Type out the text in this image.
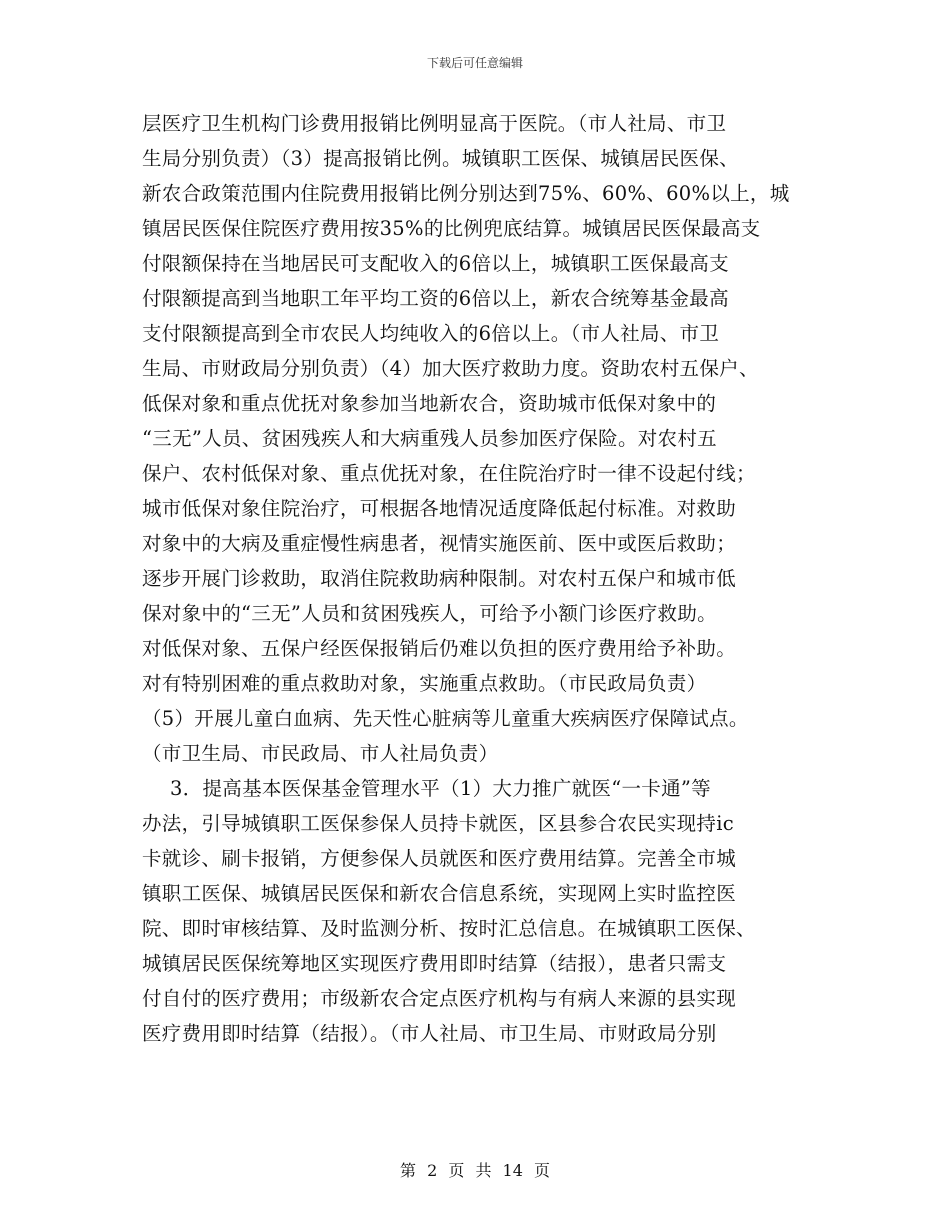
下载后可任意编辑
层医疗卫生机构门诊费用报销比例明显高于医院。（市人社局、市卫
生局分别负责）（3）提高报销比例。城镇职工医保、城镇居民医保、
新农合政策范围内住院费用报销比例分别达到75%、60%、60%以上，城
镇居民医保住院医疗费用按35%的比例兜底结算。城镇居民医保最高支
付限额保持在当地居民可支配收入的6倍以上，城镇职工医保最高支
付限额提高到当地职工年平均工资的6倍以上，新农合统筹基金最高
支付限额提高到全市农民人均纯收入的6倍以上。（市人社局、市卫
生局、市财政局分别负责）（4）加大医疗救助力度。资助农村五保户、
低保对象和重点优抚对象参加当地新农合，资助城市低保对象中的
“三无”人员、贫困残疾人和大病重残人员参加医疗保险。对农村五
保户、农村低保对象、重点优抚对象，在住院治疗时一律不设起付线；
城市低保对象住院治疗，可根据各地情况适度降低起付标准。对救助
对象中的大病及重症慢性病患者，视情实施医前、医中或医后救助；
逐步开展门诊救助，取消住院救助病种限制。对农村五保户和城市低
保对象中的“三无”人员和贫困残疾人，可给予小额门诊医疗救助。
对低保对象、五保户经医保报销后仍难以负担的医疗费用给予补助。
对有特别困难的重点救助对象，实施重点救助。（市民政局负责）
（5）开展儿童白血病、先天性心脏病等儿童重大疾病医疗保障试点。
（市卫生局、市民政局、市人社局负责）
3．提高基本医保基金管理水平（1）大力推广就医“一卡通”等
办法，引导城镇职工医保参保人员持卡就医，区县参合农民实现持ic
卡就诊、刷卡报销，方便参保人员就医和医疗费用结算。完善全市城
镇职工医保、城镇居民医保和新农合信息系统，实现网上实时监控医
院、即时审核结算、及时监测分析、按时汇总信息。在城镇职工医保、
城镇居民医保统筹地区实现医疗费用即时结算（结报），患者只需支
付自付的医疗费用；市级新农合定点医疗机构与有病人来源的县实现
医疗费用即时结算（结报）。（市人社局、市卫生局、市财政局分别
第 2 页 共 14 页
